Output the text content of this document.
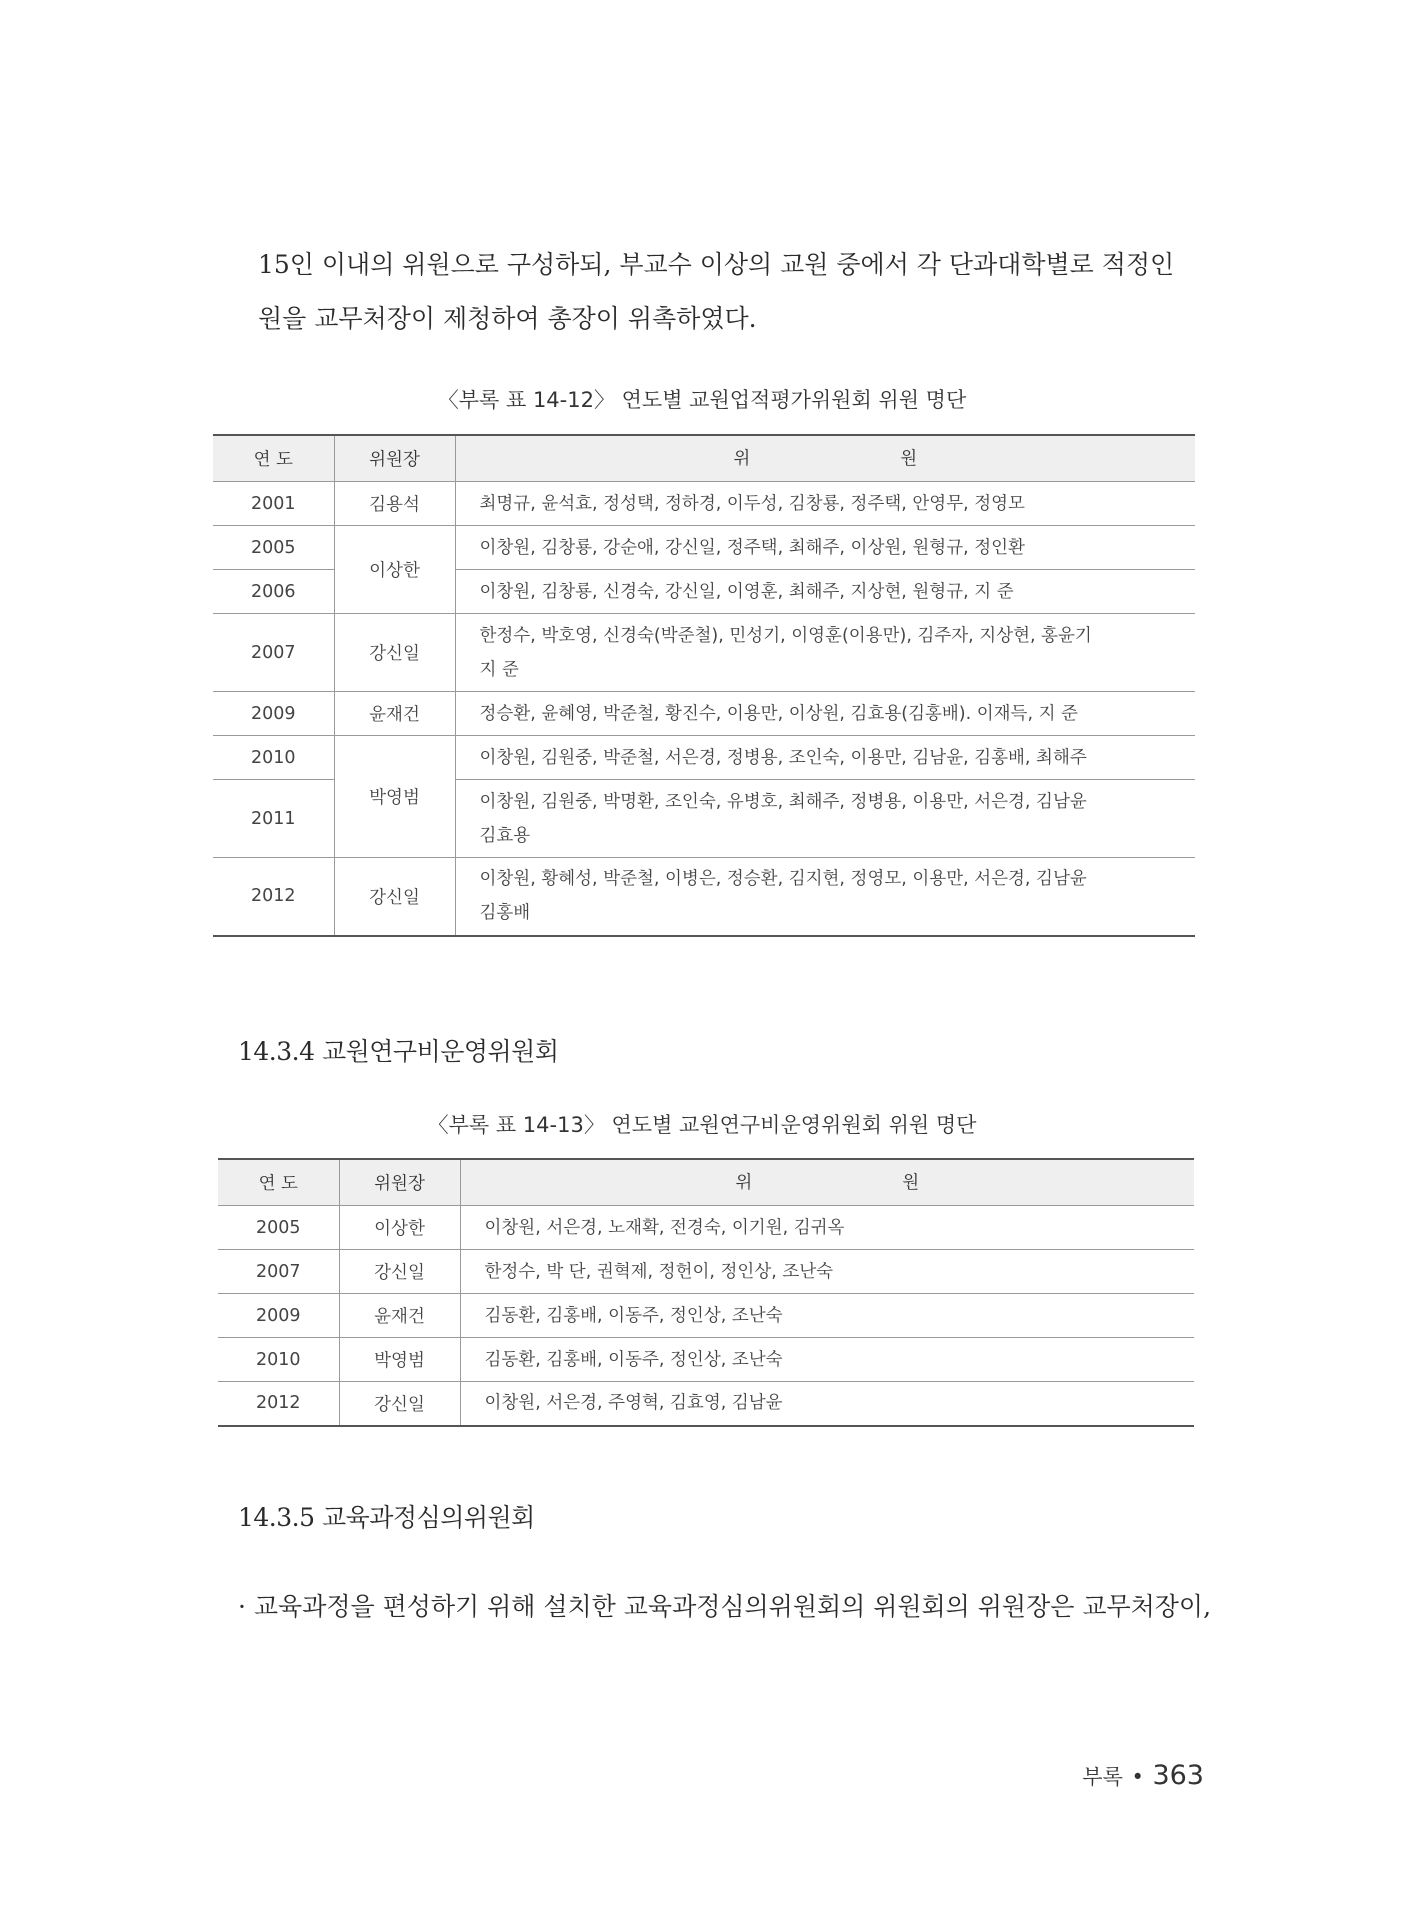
15인 이내의 위원으로 구성하되, 부교수 이상의 교원 중에서 각 단과대학별로 적정인
원을 교무처장이 제청하여 총장이 위촉하였다.

〈부록 표 14-12〉 연도별 교원업적평가위원회 위원 명단
연 도	위원장	위 원
2001	김용석	최명규, 윤석효, 정성택, 정하경, 이두성, 김창룡, 정주택, 안영무, 정영모
2005	이상한	이창원, 김창룡, 강순애, 강신일, 정주택, 최해주, 이상원, 원형규, 정인환
2006		이창원, 김창룡, 신경숙, 강신일, 이영훈, 최해주, 지상현, 원형규, 지 준
2007	강신일	한정수, 박호영, 신경숙(박준철), 민성기, 이영훈(이용만), 김주자, 지상현, 홍윤기
지 준

2009	윤재건	정승환, 윤혜영, 박준철, 황진수, 이용만, 이상원, 김효용(김홍배). 이재득, 지 준
2010	박영범	이창원, 김원중, 박준철, 서은경, 정병용, 조인숙, 이용만, 김남윤, 김홍배, 최해주
2011		이창원, 김원중, 박명환, 조인숙, 유병호, 최해주, 정병용, 이용만, 서은경, 김남윤
김효용

2012	강신일	이창원, 황혜성, 박준철, 이병은, 정승환, 김지현, 정영모, 이용만, 서은경, 김남윤
김홍배
14.3.4 교원연구비운영위원회
〈부록 표 14-13〉 연도별 교원연구비운영위원회 위원 명단
연 도	위원장	위 원
2005	이상한	이창원, 서은경, 노재확, 전경숙, 이기원, 김귀옥
2007	강신일	한정수, 박 단, 권혁제, 정헌이, 정인상, 조난숙
2009	윤재건	김동환, 김홍배, 이동주, 정인상, 조난숙
2010	박영범	김동환, 김홍배, 이동주, 정인상, 조난숙
2012	강신일	이창원, 서은경, 주영혁, 김효영, 김남윤
14.3.5 교육과정심의위원회

· 교육과정을 편성하기 위해 설치한 교육과정심의위원회의 위원회의 위원장은 교무처장이,

부록 • 363
